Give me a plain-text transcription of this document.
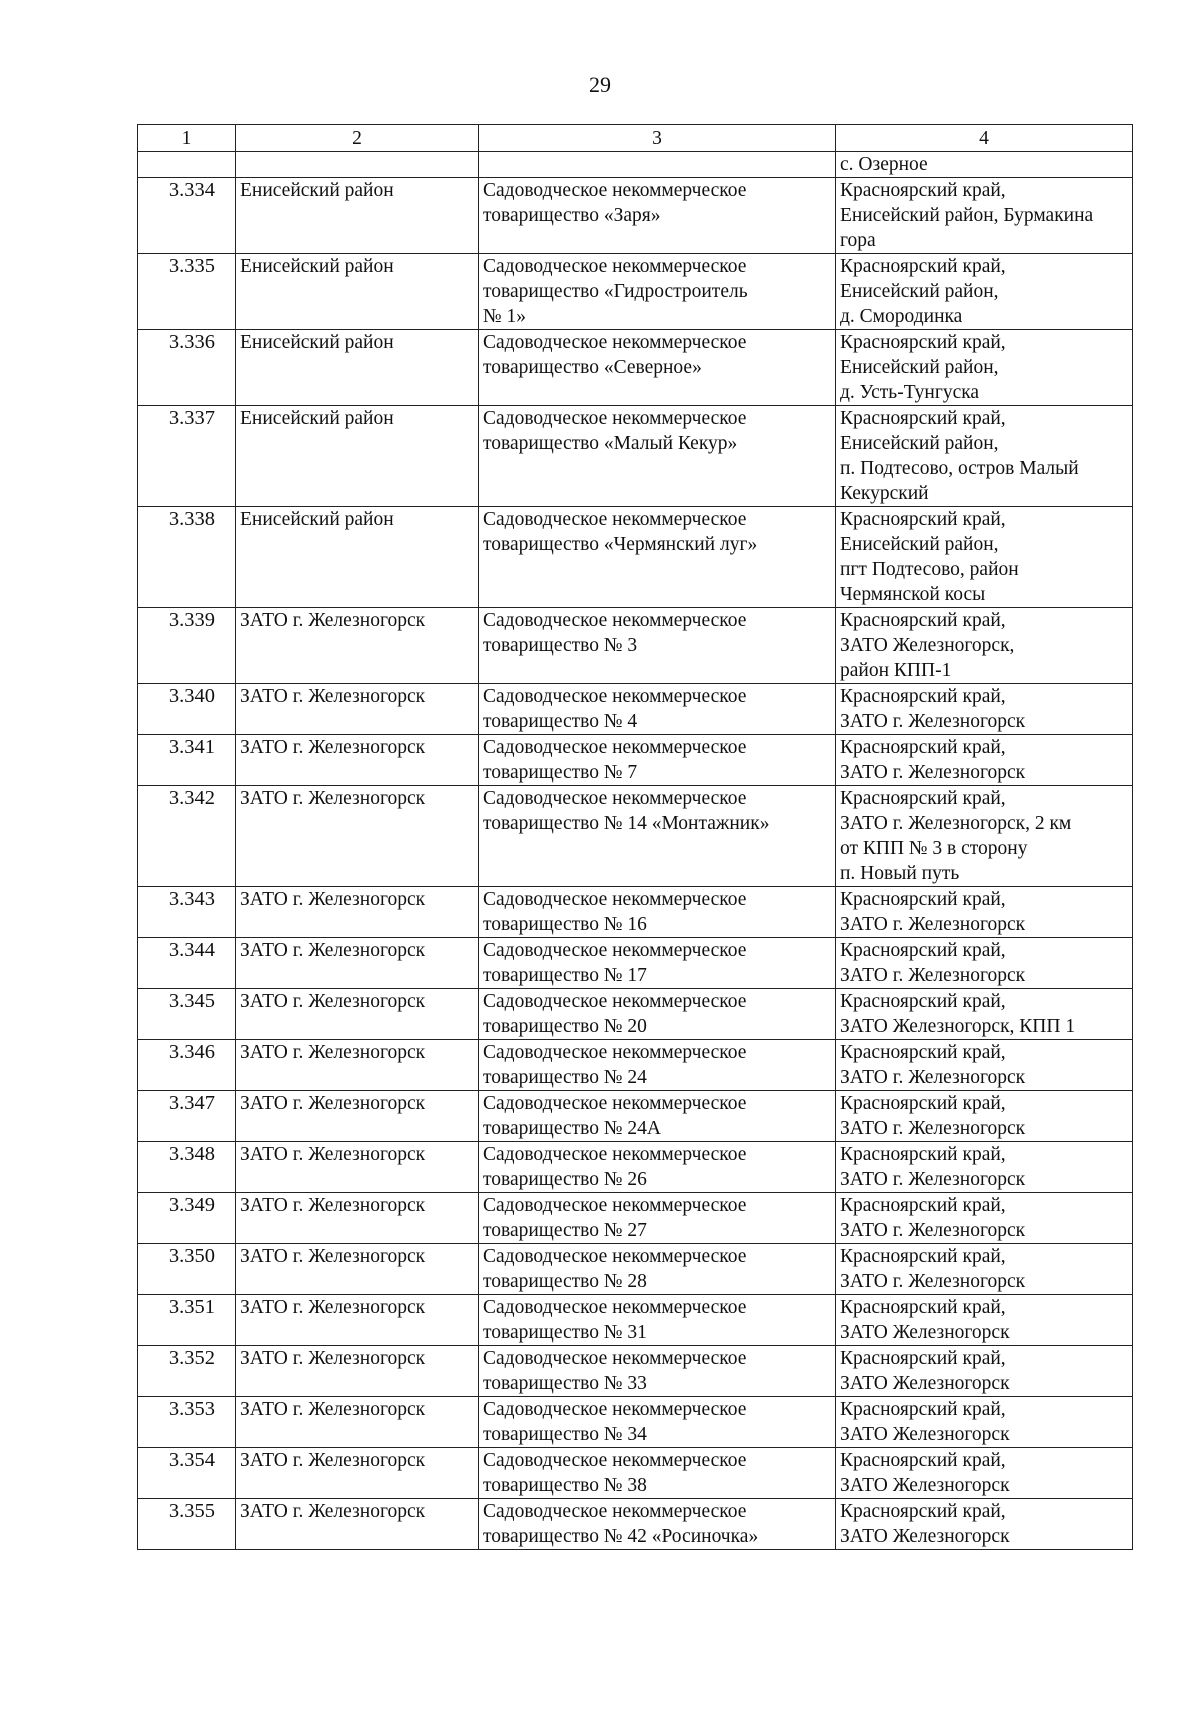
29
1	2	3	4
			с. Озерное
3.334	Енисейский район	Садоводческое некоммерческое
товарищество «Заря»	Красноярский край,
Енисейский район, Бурмакина
гора

3.335	Енисейский район	Садоводческое некоммерческое
товарищество «Гидростроитель
№ 1»	Красноярский край,
Енисейский район,
д. Смородинка

3.336	Енисейский район	Садоводческое некоммерческое
товарищество «Северное»	Красноярский край,
Енисейский район,
д. Усть-Тунгуска

3.337	Енисейский район	Садоводческое некоммерческое
товарищество «Малый Кекур»	Красноярский край,
Енисейский район,
п. Подтесово, остров Малый
Кекурский

3.338	Енисейский район	Садоводческое некоммерческое
товарищество «Чермянский луг»	Красноярский край,
Енисейский район,
пгт Подтесово, район
Чермянской косы

3.339	ЗАТО г. Железногорск	Садоводческое некоммерческое
товарищество № 3	Красноярский край,
ЗАТО Железногорск,
район КПП-1

3.340	ЗАТО г. Железногорск	Садоводческое некоммерческое
товарищество № 4	Красноярский край,
ЗАТО г. Железногорск

3.341	ЗАТО г. Железногорск	Садоводческое некоммерческое
товарищество № 7	Красноярский край,
ЗАТО г. Железногорск

3.342	ЗАТО г. Железногорск	Садоводческое некоммерческое
товарищество № 14 «Монтажник»	Красноярский край,
ЗАТО г. Железногорск, 2 км
от КПП № 3 в сторону
п. Новый путь

3.343	ЗАТО г. Железногорск	Садоводческое некоммерческое
товарищество № 16	Красноярский край,
ЗАТО г. Железногорск

3.344	ЗАТО г. Железногорск	Садоводческое некоммерческое
товарищество № 17	Красноярский край,
ЗАТО г. Железногорск

3.345	ЗАТО г. Железногорск	Садоводческое некоммерческое
товарищество № 20	Красноярский край,
ЗАТО Железногорск, КПП 1

3.346	ЗАТО г. Железногорск	Садоводческое некоммерческое
товарищество № 24	Красноярский край,
ЗАТО г. Железногорск

3.347	ЗАТО г. Железногорск	Садоводческое некоммерческое
товарищество № 24А	Красноярский край,
ЗАТО г. Железногорск

3.348	ЗАТО г. Железногорск	Садоводческое некоммерческое
товарищество № 26	Красноярский край,
ЗАТО г. Железногорск

3.349	ЗАТО г. Железногорск	Садоводческое некоммерческое
товарищество № 27	Красноярский край,
ЗАТО г. Железногорск

3.350	ЗАТО г. Железногорск	Садоводческое некоммерческое
товарищество № 28	Красноярский край,
ЗАТО г. Железногорск

3.351	ЗАТО г. Железногорск	Садоводческое некоммерческое
товарищество № 31	Красноярский край,
ЗАТО Железногорск

3.352	ЗАТО г. Железногорск	Садоводческое некоммерческое
товарищество № 33	Красноярский край,
ЗАТО Железногорск

3.353	ЗАТО г. Железногорск	Садоводческое некоммерческое
товарищество № 34	Красноярский край,
ЗАТО Железногорск

3.354	ЗАТО г. Железногорск	Садоводческое некоммерческое
товарищество № 38	Красноярский край,
ЗАТО Железногорск

3.355	ЗАТО г. Железногорск	Садоводческое некоммерческое
товарищество № 42 «Росиночка»	Красноярский край,
ЗАТО Железногорск
